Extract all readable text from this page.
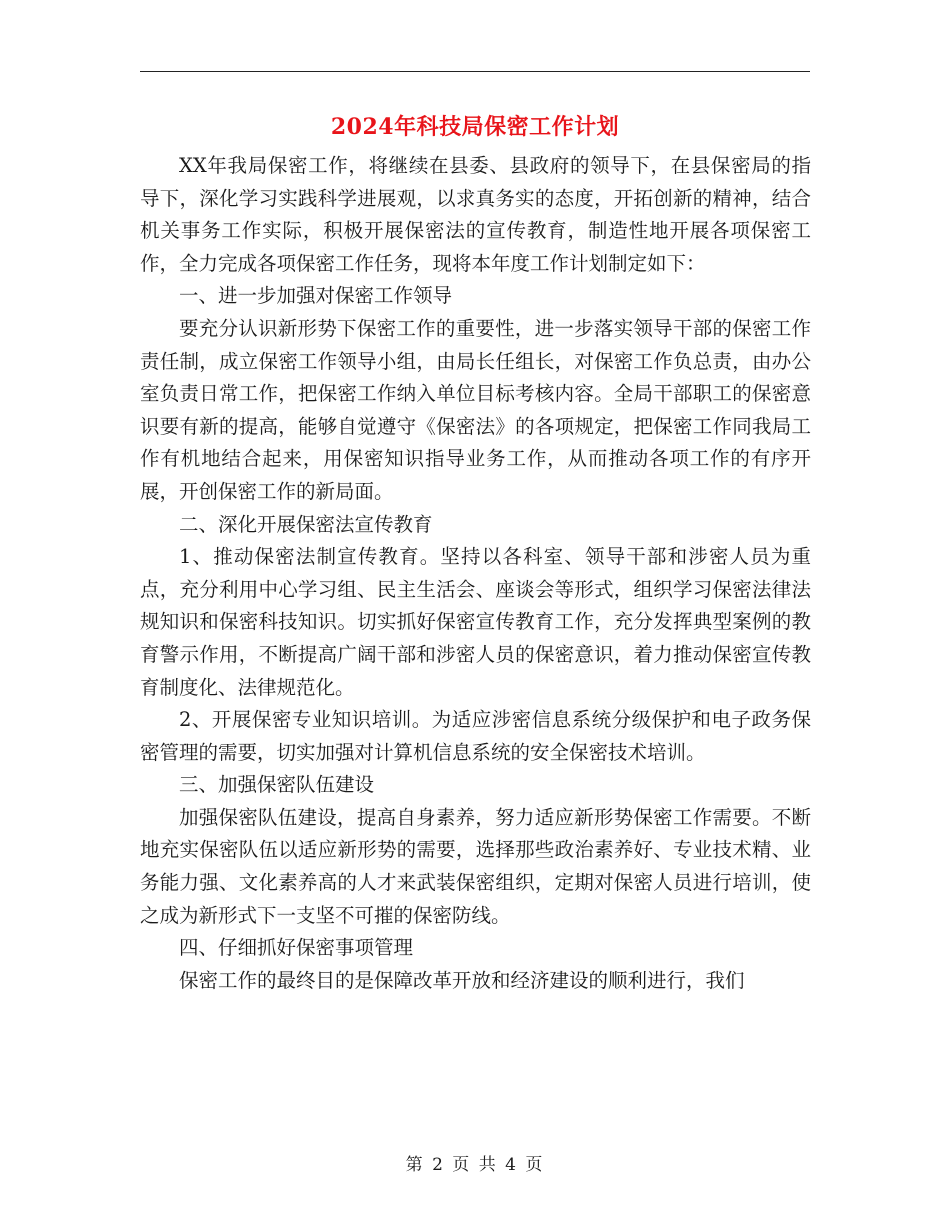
2024年科技局保密工作计划

XX年我局保密工作，将继续在县委、县政府的领导下，在县保密局的指导下，深化学习实践科学进展观，以求真务实的态度，开拓创新的精神，结合机关事务工作实际，积极开展保密法的宣传教育，制造性地开展各项保密工作，全力完成各项保密工作任务，现将本年度工作计划制定如下：

一、进一步加强对保密工作领导

要充分认识新形势下保密工作的重要性，进一步落实领导干部的保密工作责任制，成立保密工作领导小组，由局长任组长，对保密工作负总责，由办公室负责日常工作，把保密工作纳入单位目标考核内容。全局干部职工的保密意识要有新的提高，能够自觉遵守《保密法》的各项规定，把保密工作同我局工作有机地结合起来，用保密知识指导业务工作，从而推动各项工作的有序开展，开创保密工作的新局面。

二、深化开展保密法宣传教育

1、推动保密法制宣传教育。坚持以各科室、领导干部和涉密人员为重点，充分利用中心学习组、民主生活会、座谈会等形式，组织学习保密法律法规知识和保密科技知识。切实抓好保密宣传教育工作，充分发挥典型案例的教育警示作用，不断提高广阔干部和涉密人员的保密意识，着力推动保密宣传教育制度化、法律规范化。

2、开展保密专业知识培训。为适应涉密信息系统分级保护和电子政务保密管理的需要，切实加强对计算机信息系统的安全保密技术培训。

三、加强保密队伍建设

加强保密队伍建设，提高自身素养，努力适应新形势保密工作需要。不断地充实保密队伍以适应新形势的需要，选择那些政治素养好、专业技术精、业务能力强、文化素养高的人才来武装保密组织，定期对保密人员进行培训，使之成为新形式下一支坚不可摧的保密防线。

四、仔细抓好保密事项管理

保密工作的最终目的是保障改革开放和经济建设的顺利进行，我们

第 2 页 共 4 页
